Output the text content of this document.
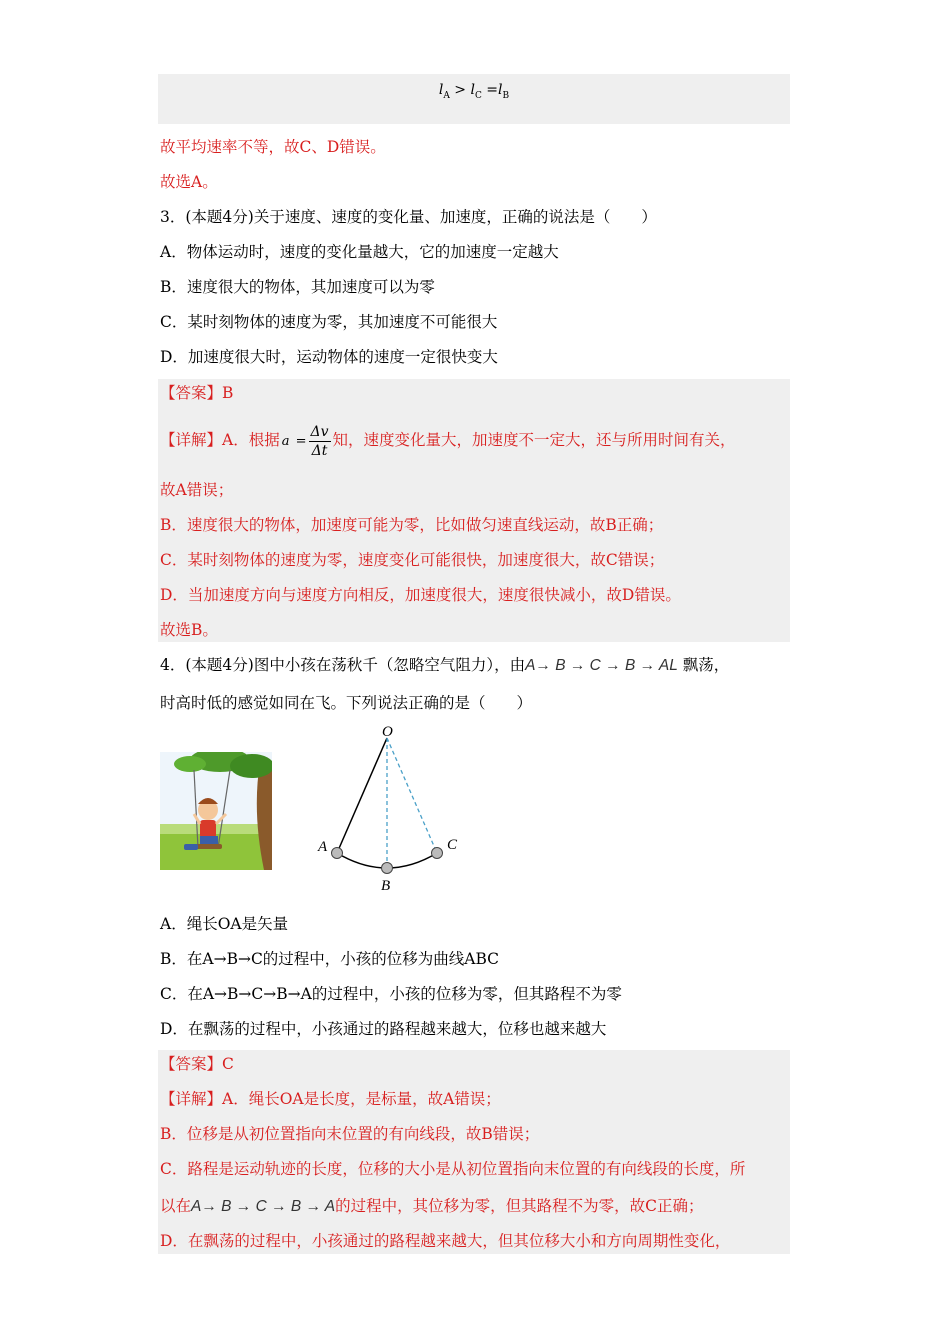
$l_A > l_C =l_B$
故平均速率不等，故C、D错误。
故选A。
3．(本题4分)关于速度、速度的变化量、加速度，正确的说法是（　　）
A．物体运动时，速度的变化量越大，它的加速度一定越大
B．速度很大的物体，其加速度可以为零
C．某时刻物体的速度为零，其加速度不可能很大
D．加速度很大时，运动物体的速度一定很快变大
【答案】B
【详解】A．根据 $a = \frac{\Delta v}{\Delta t}$ 知，速度变化量大，加速度不一定大，还与所用时间有关，
故A错误；
B．速度很大的物体，加速度可能为零，比如做匀速直线运动，故B正确；
C．某时刻物体的速度为零，速度变化可能很快，加速度很大，故C错误；
D．当加速度方向与速度方向相反，加速度很大，速度很快减小，故D错误。
故选B。
4．(本题4分)图中小孩在荡秋千（忽略空气阻力），由A→ B → C → B → AL 飘荡，
时高时低的感觉如同在飞。下列说法正确的是（　　）
O
A
B
C
A．绳长OA是矢量
B．在A→B→C的过程中，小孩的位移为曲线ABC
C．在A→B→C→B→A的过程中，小孩的位移为零，但其路程不为零
D．在飘荡的过程中，小孩通过的路程越来越大，位移也越来越大
【答案】C
【详解】A．绳长OA是长度，是标量，故A错误；
B．位移是从初位置指向末位置的有向线段，故B错误；
C．路程是运动轨迹的长度，位移的大小是从初位置指向末位置的有向线段的长度，所
以在A→ B → C → B → A的过程中，其位移为零，但其路程不为零，故C正确；
D．在飘荡的过程中，小孩通过的路程越来越大，但其位移大小和方向周期性变化，
